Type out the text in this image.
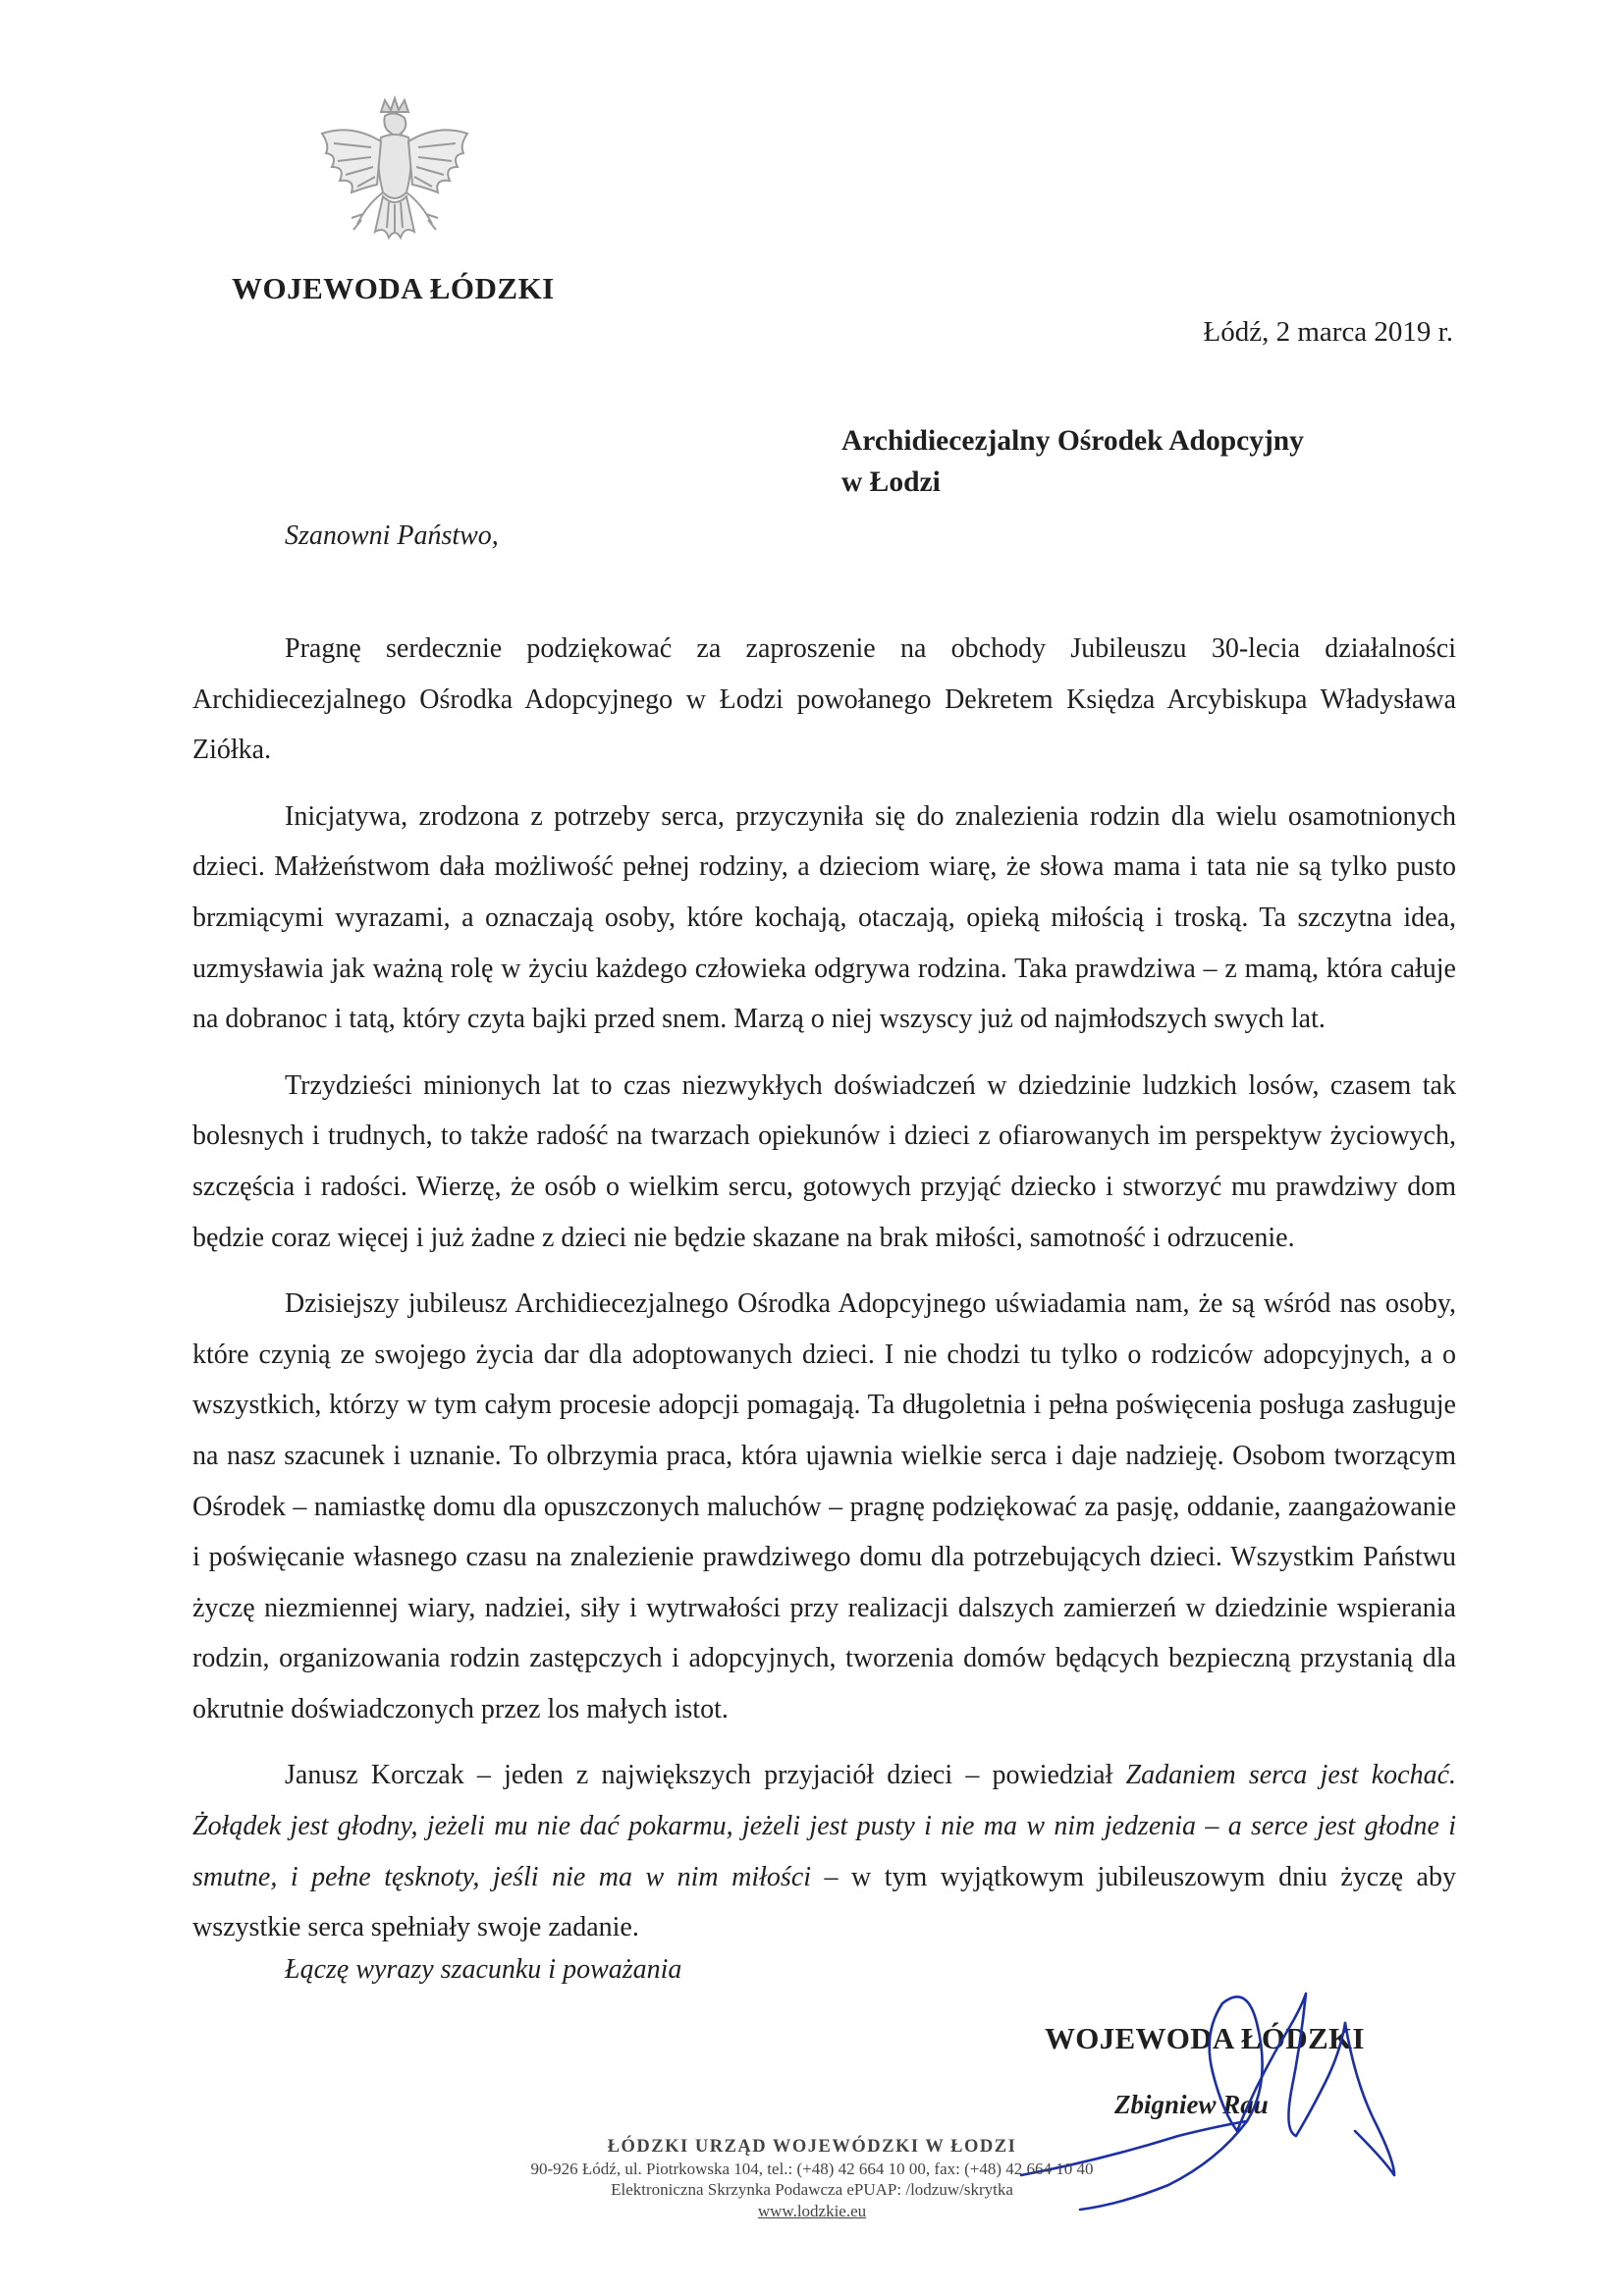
WOJEWODA ŁÓDZKI
Łódź, 2 marca 2019 r.
Archidiecezjalny Ośrodek Adopcyjny
w Łodzi
Szanowni Państwo,

Pragnę serdecznie podziękować za zaproszenie na obchody Jubileuszu 30-lecia działalności Archidiecezjalnego Ośrodka Adopcyjnego w Łodzi powołanego Dekretem Księdza Arcybiskupa Władysława Ziółka.

Inicjatywa, zrodzona z potrzeby serca, przyczyniła się do znalezienia rodzin dla wielu osamotnionych dzieci. Małżeństwom dała możliwość pełnej rodziny, a dzieciom wiarę, że słowa mama i tata nie są tylko pusto brzmiącymi wyrazami, a oznaczają osoby, które kochają, otaczają, opieką miłością i troską. Ta szczytna idea, uzmysławia jak ważną rolę w życiu każdego człowieka odgrywa rodzina. Taka prawdziwa – z mamą, która całuje na dobranoc i tatą, który czyta bajki przed snem. Marzą o niej wszyscy już od najmłodszych swych lat.

Trzydzieści minionych lat to czas niezwykłych doświadczeń w dziedzinie ludzkich losów, czasem tak bolesnych i trudnych, to także radość na twarzach opiekunów i dzieci z ofiarowanych im perspektyw życiowych, szczęścia i radości. Wierzę, że osób o wielkim sercu, gotowych przyjąć dziecko i stworzyć mu prawdziwy dom będzie coraz więcej i już żadne z dzieci nie będzie skazane na brak miłości, samotność i odrzucenie.

Dzisiejszy jubileusz Archidiecezjalnego Ośrodka Adopcyjnego uświadamia nam, że są wśród nas osoby, które czynią ze swojego życia dar dla adoptowanych dzieci. I nie chodzi tu tylko o rodziców adopcyjnych, a o wszystkich, którzy w tym całym procesie adopcji pomagają. Ta długoletnia i pełna poświęcenia posługa zasługuje na nasz szacunek i uznanie. To olbrzymia praca, która ujawnia wielkie serca i daje nadzieję. Osobom tworzącym Ośrodek – namiastkę domu dla opuszczonych maluchów – pragnę podziękować za pasję, oddanie, zaangażowanie i poświęcanie własnego czasu na znalezienie prawdziwego domu dla potrzebujących dzieci. Wszystkim Państwu życzę niezmiennej wiary, nadziei, siły i wytrwałości przy realizacji dalszych zamierzeń w dziedzinie wspierania rodzin, organizowania rodzin zastępczych i adopcyjnych, tworzenia domów będących bezpieczną przystanią dla okrutnie doświadczonych przez los małych istot.

Janusz Korczak – jeden z największych przyjaciół dzieci – powiedział Zadaniem serca jest kochać. Żołądek jest głodny, jeżeli mu nie dać pokarmu, jeżeli jest pusty i nie ma w nim jedzenia – a serce jest głodne i smutne, i pełne tęsknoty, jeśli nie ma w nim miłości – w tym wyjątkowym jubileuszowym dniu życzę aby wszystkie serca spełniały swoje zadanie.

Łączę wyrazy szacunku i poważania
WOJEWODA ŁÓDZKI
Zbigniew Rau
ŁÓDZKI URZĄD WOJEWÓDZKI W ŁODZI
90-926 Łódź, ul. Piotrkowska 104, tel.: (+48) 42 664 10 00, fax: (+48) 42 664 10 40
Elektroniczna Skrzynka Podawcza ePUAP: /lodzuw/skrytka
www.lodzkie.eu
